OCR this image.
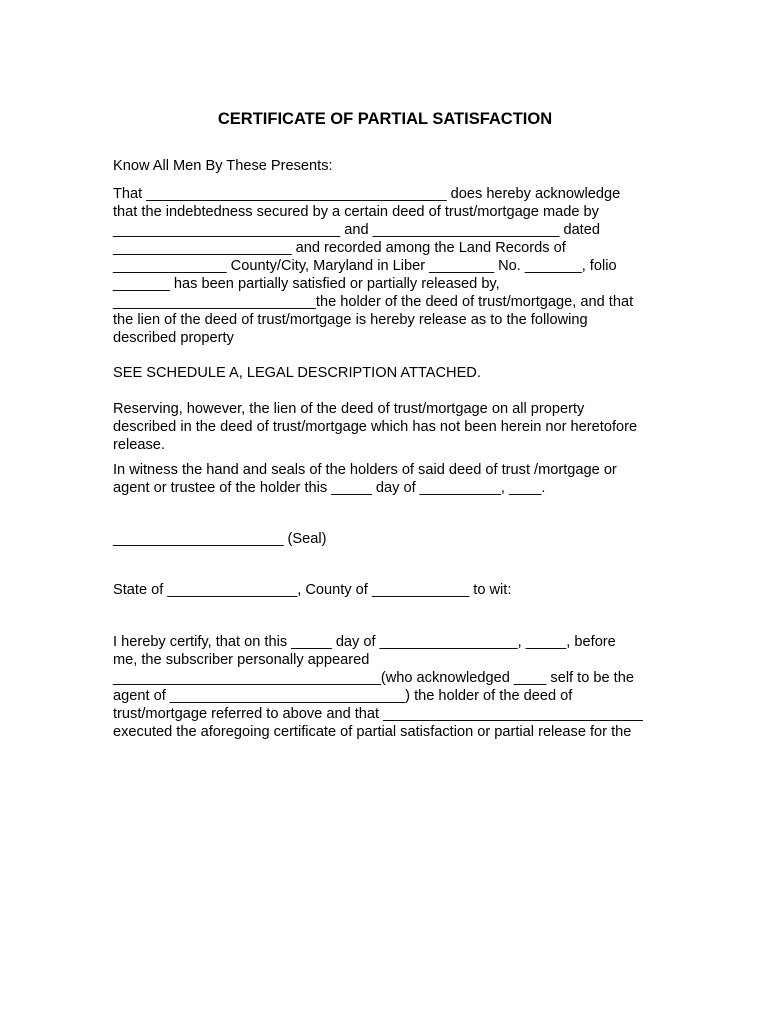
CERTIFICATE OF PARTIAL SATISFACTION
Know All Men By These Presents:
That _____________________________________ does hereby acknowledge
that the indebtedness secured by a certain deed of trust/mortgage made by
____________________________ and _______________________ dated
______________________ and recorded among the Land Records of
______________ County/City, Maryland in Liber ________ No. _______, folio
_______ has been partially satisfied or partially released by,
_________________________the holder of the deed of trust/mortgage, and that
the lien of the deed of trust/mortgage is hereby release as to the following
described property
SEE SCHEDULE A, LEGAL DESCRIPTION ATTACHED.
Reserving, however, the lien of the deed of trust/mortgage on all property
described in the deed of trust/mortgage which has not been herein nor heretofore
release.
In witness the hand and seals of the holders of said deed of trust /mortgage or
agent or trustee of the holder this _____ day of __________, ____.
_____________________ (Seal)
State of ________________, County of ____________ to wit:
I hereby certify, that on this _____ day of _________________, _____, before
me, the subscriber personally appeared
_________________________________(who acknowledged ____ self to be the
agent of _____________________________) the holder of the deed of
trust/mortgage referred to above and that ________________________________
executed the aforegoing certificate of partial satisfaction or partial release for the
